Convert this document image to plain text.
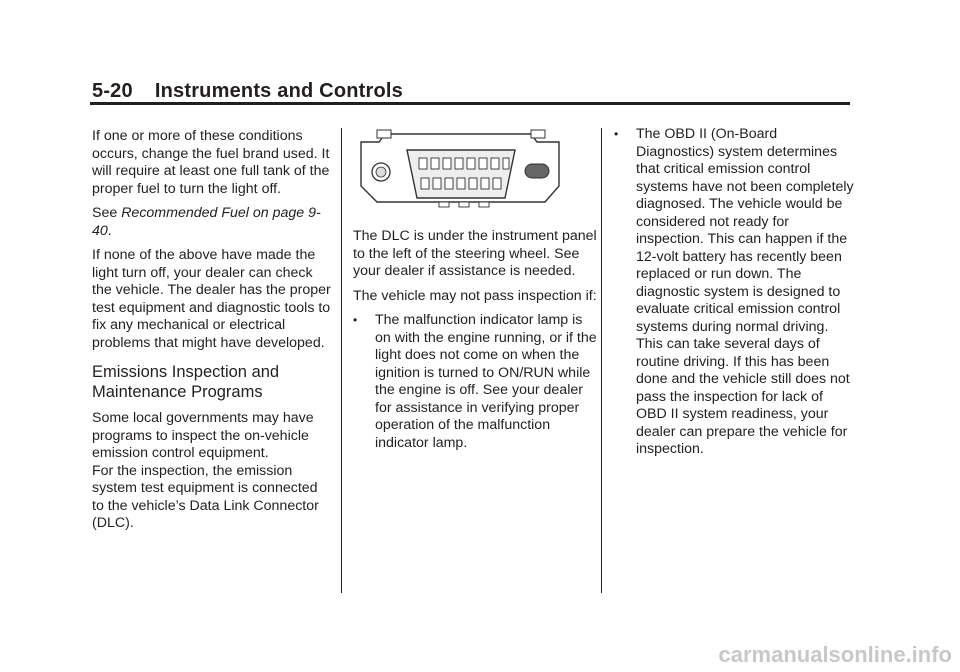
5-20 Instruments and Controls

If one or more of these conditions occurs, change the fuel brand used. It will require at least one full tank of the proper fuel to turn the light off.

See Recommended Fuel on page 9-40.

If none of the above have made the light turn off, your dealer can check the vehicle. The dealer has the proper test equipment and diagnostic tools to fix any mechanical or electrical problems that might have developed.

Emissions Inspection and Maintenance Programs

Some local governments may have programs to inspect the on-vehicle emission control equipment.

For the inspection, the emission system test equipment is connected to the vehicle’s Data Link Connector (DLC).

The DLC is under the instrument panel to the left of the steering wheel. See your dealer if assistance is needed.

The vehicle may not pass inspection if:

• The malfunction indicator lamp is on with the engine running, or if the light does not come on when the ignition is turned to ON/RUN while the engine is off. See your dealer for assistance in verifying proper operation of the malfunction indicator lamp.
• The OBD II (On-Board Diagnostics) system determines that critical emission control systems have not been completely diagnosed. The vehicle would be considered not ready for inspection. This can happen if the 12-volt battery has recently been replaced or run down. The diagnostic system is designed to evaluate critical emission control systems during normal driving. This can take several days of routine driving. If this has been done and the vehicle still does not pass the inspection for lack of OBD II system readiness, your dealer can prepare the vehicle for inspection.
carmanualsonline.info
